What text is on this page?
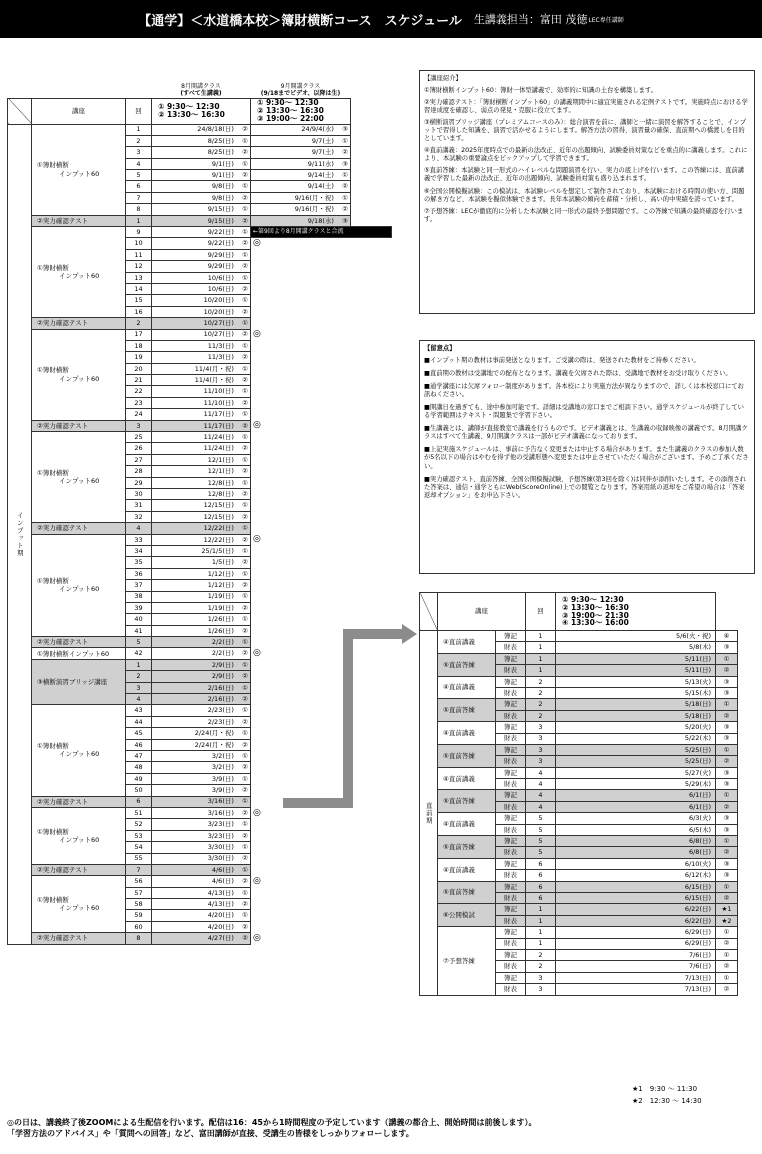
【通学】＜水道橋本校＞簿財横断コース　スケジュール 生講義担当：富田 茂徳 LEC専任講師
			8月開講クラス
(すべて生講義)	9月開講クラス
(9/18までビデオ、以降は生)	
	講座	回	① 9:30～ 12:30
② 13:30～ 16:30	① 9:30～ 12:30
② 13:30～ 16:30
③ 19:00～ 22:00	
インプット期	①簿財横断
インプット60	1	24/8/18(日) ②	24/9/4(水) ③	
		2	8/25(日) ①	9/7(土) ①	
		3	8/25(日) ②	9/7(土) ②	
		4	9/1(日) ①	9/11(水) ③	
		5	9/1(日) ②	9/14(土) ①	
		6	9/8(日) ①	9/14(土) ②	
		7	9/8(日) ②	9/16(月・祝) ①	
		8	9/15(日) ①	9/16(月・祝) ②	

	②実力確認テスト	1	9/15(日) ②	9/18(水) ③	

	①簿財横断
インプット60	9	9/22(日) ①	←第9回より8月開講クラスと合流	
		10	9/22(日) ②	◎	
		11	9/29(日) ①		
		12	9/29(日) ②		
		13	10/6(日) ①		
		14	10/6(日) ②		
		15	10/20(日) ①		
		16	10/20(日) ②		

	②実力確認テスト	2	10/27(日) ①		

	①簿財横断
インプット60	17	10/27(日) ②	◎	
		18	11/3(日) ①		
		19	11/3(日) ②		
		20	11/4(月・祝) ①		
		21	11/4(月・祝) ②		
		22	11/10(日) ①		
		23	11/10(日) ②		
		24	11/17(日) ①		

	②実力確認テスト	3	11/17(日) ②	◎	

	①簿財横断
インプット60	25	11/24(日) ①		
		26	11/24(日) ②		
		27	12/1(日) ①		
		28	12/1(日) ②		
		29	12/8(日) ①		
		30	12/8(日) ②		
		31	12/15(日) ①		
		32	12/15(日) ②		

	②実力確認テスト	4	12/22(日) ①		

	①簿財横断
インプット60	33	12/22(日) ②	◎	
		34	25/1/5(日) ①		
		35	1/5(日) ②		
		36	1/12(日) ①		
		37	1/12(日) ②		
		38	1/19(日) ①		
		39	1/19(日) ②		
		40	1/26(日) ①		
		41	1/26(日) ②		

	②実力確認テスト	5	2/2(日) ①		

	①簿財横断インプット60	42	2/2(日) ②	◎	

	③横断演習ブリッジ講座	1	2/9(日) ①		
		2	2/9(日) ②		
		3	2/16(日) ①		
		4	2/16(日) ②		

	①簿財横断
インプット60	43	2/23(日) ①		
		44	2/23(日) ②		
		45	2/24(月・祝) ①		
		46	2/24(月・祝) ②		
		47	3/2(日) ①		
		48	3/2(日) ②		
		49	3/9(日) ①		
		50	3/9(日) ②		

	②実力確認テスト	6	3/16(日) ①		

	①簿財横断
インプット60	51	3/16(日) ②	◎	
		52	3/23(日) ①		
		53	3/23(日) ②		
		54	3/30(日) ①		
		55	3/30(日) ②		

	②実力確認テスト	7	4/6(日) ①		

	①簿財横断
インプット60	56	4/6(日) ②	◎	
		57	4/13(日) ①		
		58	4/13(日) ②		
		59	4/20(日) ①		
		60	4/20(日) ②		

	②実力確認テスト	8	4/27(日) ②	◎	

【講座紹介】

①簿財横断インプット60：簿財一体型講義で、効率的に知識の土台を構築します。

②実力確認テスト：「簿財横断インプット60」の講義期間中に適宜実施される定例テストです。実施時点における学習達成度を確認し、弱点の発見・克服に役立てます。

③横断演習ブリッジ講座（プレミアムコースのみ）：総合演習を前に、講師と一緒に演習を解答することで、インプットで習得した知識を、演習で活かせるようにします。解答方法の習得、演習量の確保、直前期への橋渡しを目的としています。

④直前講義：2025年度時点での最新の法改正、近年の出題傾向、試験委員対策などを重点的に講義します。これにより、本試験の重要論点をピックアップして学習できます。

⑤直前答練：本試験と同一形式のハイレベルな問題演習を行い、実力の底上げを行います。この答練には、直前講義で学習した最新の法改正、近年の出題傾向、試験委員対策も盛り込まれます。

⑥全国公開模擬試験：この模試は、本試験レベルを想定して制作されており、本試験における時間の使い方、問題の解き方など、本試験を擬似体験できます。長年本試験の傾向を蓄積・分析し、高い的中実績を誇っています。

⑦予想答練：LECが徹底的に分析した本試験と同一形式の最終予想問題です。この答練で知識の最終確認を行います。

【留意点】

■インプット期の教材は事前発送となります。ご受講の際は、発送された教材をご持参ください。

■直前期の教材は受講地での配布となります。講義を欠席された際は、受講地で教材をお受け取りください。

■通学講座には欠席フォロー制度があります。各本校により実施方法が異なりますので、詳しくは本校窓口にてお訊ねください。

■開講日を過ぎても、途中参加可能です。詳細は受講地の窓口までご相談下さい。通学スケジュールが終了している学習範囲はテキスト・問題集で学習下さい。

■生講義とは、講師が直接教室で講義を行うものです。ビデオ講義とは、生講義の収録映像の講義です。8月開講クラスはすべて生講義、9月開講クラスは一部がビデオ講義になっております。

■上記実施スケジュールは、事前に予告なく変更または中止する場合があります。また生講義のクラスの参加人数が5名以下の場合はやむを得ず他の受講形態へ変更または中止させていただく場合がございます。予めご了承ください。

■実力確認テスト、直前答練、全国公開模擬試験、予想答練(第3回を除く)は同伴が添削いたします。その添削された答案は、通信・通学ともにWeb(ScoreOnline)上での閲覧となります。答案用紙の返却をご希望の場合は「答案返却オプション」をお申込下さい。

	講座		回	① 9:30～ 12:30
② 13:30～ 16:30
③ 19:00～ 21:30
④ 13:30～ 16:00		
直前期	④直前講義	簿記	1	5/6(火・祝)	④	
		財表	1	5/8(木)	③	
	⑤直前答練	簿記	1	5/11(日)	①	
		財表	1	5/11(日)	②	
	④直前講義	簿記	2	5/13(火)	③	
		財表	2	5/15(木)	③	
	⑤直前答練	簿記	2	5/18(日)	①	
		財表	2	5/18(日)	②	
	④直前講義	簿記	3	5/20(火)	③	
		財表	3	5/22(木)	③	
	⑤直前答練	簿記	3	5/25(日)	①	
		財表	3	5/25(日)	②	
	④直前講義	簿記	4	5/27(火)	③	
		財表	4	5/29(木)	③	
	⑤直前答練	簿記	4	6/1(日)	①	
		財表	4	6/1(日)	②	
	④直前講義	簿記	5	6/3(火)	③	
		財表	5	6/5(木)	③	
	⑤直前答練	簿記	5	6/8(日)	①	
		財表	5	6/8(日)	②	
	④直前講義	簿記	6	6/10(火)	③	
		財表	6	6/12(木)	③	
	⑤直前答練	簿記	6	6/15(日)	①	
		財表	6	6/15(日)	②	
	⑥公開模試	簿記	1	6/22(日)	★1	
		財表	1	6/22(日)	★2	
	⑦予想答練	簿記	1	6/29(日)	①	
		財表	1	6/29(日)	②	
		簿記	2	7/6(日)	①	
		財表	2	7/6(日)	②	
		簿記	3	7/13(日)	①	
		財表	3	7/13(日)	②	
★1　9:30 ～ 11:30
★2　12:30 ～ 14:30
◎の日は、講義終了後ZOOMによる生配信を行います。配信は16：45から1時間程度の予定しています（講義の都合上、開始時間は前後します）。
「学習方法のアドバイス」や「質問への回答」など、富田講師が直接、受講生の皆様をしっかりフォローします。
